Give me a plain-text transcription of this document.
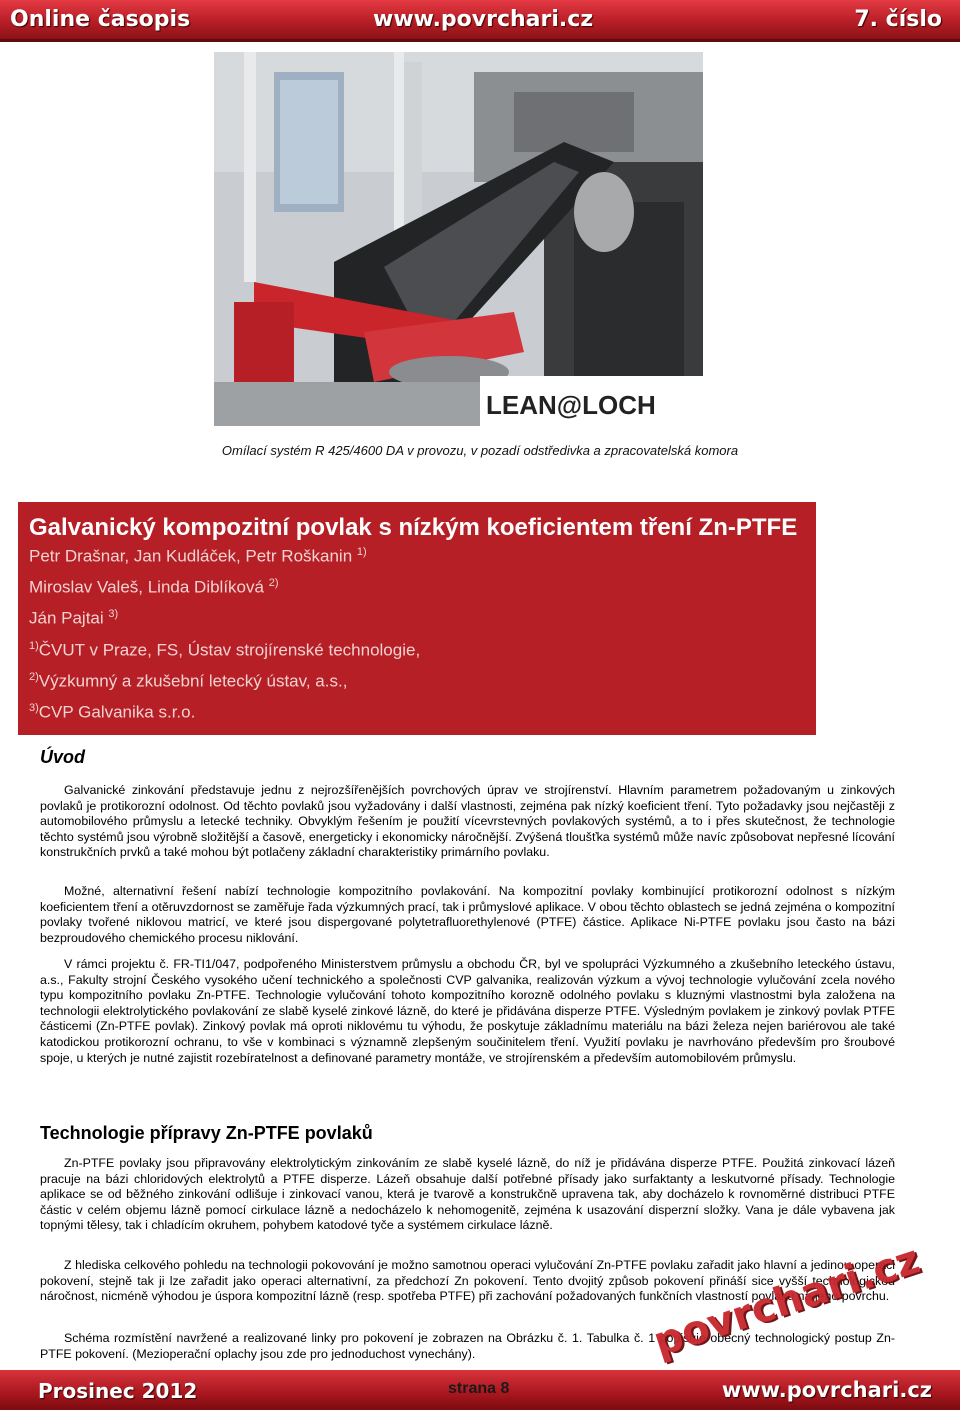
Online časopis	www.povrchari.cz	7. číslo
LEAN@LOCH
Omílací systém R 425/4600 DA v provozu, v pozadí odstředivka a zpracovatelská komora
Galvanický kompozitní povlak s nízkým koeficientem tření Zn-PTFE
Petr Drašnar, Jan Kudláček, Petr Roškanin $^{1)}$
Miroslav Valeš, Linda Diblíková $^{2)}$
Ján Pajtai $^{3)}$
$^{1)}$ČVUT v Praze, FS, Ústav strojírenské technologie,
$^{2)}$Výzkumný a zkušební letecký ústav, a.s.,
$^{3)}$CVP Galvanika s.r.o.
Úvod

Galvanické zinkování představuje jednu z nejrozšířenějších povrchových úprav ve strojírenství. Hlavním parametrem požadovaným u zinkových povlaků je protikorozní odolnost. Od těchto povlaků jsou vyžadovány i další vlastnosti, zejména pak nízký koeficient tření. Tyto požadavky jsou nejčastěji z automobilového průmyslu a letecké techniky. Obvyklým řešením je použití vícevrstevných povlakových systémů, a to i přes skutečnost, že technologie těchto systémů jsou výrobně složitější a časově, energeticky i ekonomicky náročnější. Zvýšená tloušťka systémů může navíc způsobovat nepřesné lícování konstrukčních prvků a také mohou být potlačeny základní charakteristiky primárního povlaku.

Možné, alternativní řešení nabízí technologie kompozitního povlakování. Na kompozitní povlaky kombinující protikorozní odolnost s nízkým koeficientem tření a otěruvzdornost se zaměřuje řada výzkumných prací, tak i průmyslové aplikace. V obou těchto oblastech se jedná zejména o kompozitní povlaky tvořené niklovou matricí, ve které jsou dispergované polytetrafluorethylenové (PTFE) částice. Aplikace Ni-PTFE povlaku jsou často na bázi bezproudového chemického procesu niklování.

V rámci projektu č. FR-TI1/047, podpořeného Ministerstvem průmyslu a obchodu ČR, byl ve spolupráci Výzkumného a zkušebního leteckého ústavu, a.s., Fakulty strojní Českého vysokého učení technického a společnosti CVP galvanika, realizován výzkum a vývoj technologie vylučování zcela nového typu kompozitního povlaku Zn-PTFE. Technologie vylučování tohoto kompozitního korozně odolného povlaku s kluznými vlastnostmi byla založena na technologii elektrolytického povlakování ze slabě kyselé zinkové lázně, do které je přidávána disperze PTFE. Výsledným povlakem je zinkový povlak PTFE částicemi (Zn-PTFE povlak). Zinkový povlak má oproti niklovému tu výhodu, že poskytuje základnímu materiálu na bázi železa nejen bariérovou ale také katodickou protikorozní ochranu, to vše v kombinaci s významně zlepšeným součinitelem tření. Využití povlaku je navrhováno především pro šroubové spoje, u kterých je nutné zajistit rozebíratelnost a definované parametry montáže, ve strojírenském a především automobilovém průmyslu.

Technologie přípravy Zn-PTFE povlaků

Zn-PTFE povlaky jsou připravovány elektrolytickým zinkováním ze slabě kyselé lázně, do níž je přidávána disperze PTFE. Použitá zinkovací lázeň pracuje na bázi chloridových elektrolytů a PTFE disperze. Lázeň obsahuje další potřebné přísady jako surfaktanty a leskutvorné přísady. Technologie aplikace se od běžného zinkování odlišuje i zinkovací vanou, která je tvarově a konstrukčně upravena tak, aby docházelo k rovnoměrné distribuci PTFE částic v celém objemu lázně pomocí cirkulace lázně a nedocházelo k nehomogenitě, zejména k usazování disperzní složky. Vana je dále vybavena jak topnými tělesy, tak i chladícím okruhem, pohybem katodové tyče a systémem cirkulace lázně.

Z hlediska celkového pohledu na technologii pokovování je možno samotnou operaci vylučování Zn-PTFE povlaku zařadit jako hlavní a jedinou operaci pokovení, stejně tak ji lze zařadit jako operaci alternativní, za předchozí Zn pokovení. Tento dvojitý způsob pokovení přináší sice vyšší technologickou náročnost, nicméně výhodou je úspora kompozitní lázně (resp. spotřeba PTFE) při zachování požadovaných funkčních vlastností povlaku na jeho povrchu.

Schéma rozmístění navržené a realizované linky pro pokovení je zobrazen na Obrázku č. 1. Tabulka č. 1 popisuje obecný technologický postup Zn-PTFE pokovení. (Mezioperační oplachy jsou zde pro jednoduchost vynechány).	povrchari.cz
Prosinec 2012	www.povrchari.cz
strana 8
